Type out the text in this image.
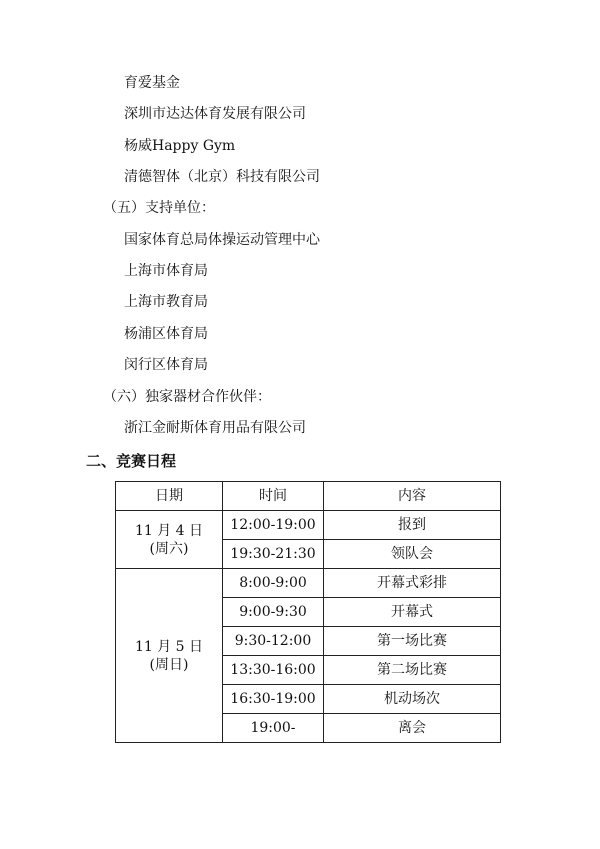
育爱基金
深圳市达达体育发展有限公司
杨威Happy Gym
清德智体（北京）科技有限公司
（五）支持单位：
国家体育总局体操运动管理中心
上海市体育局
上海市教育局
杨浦区体育局
闵行区体育局
（六）独家器材合作伙伴：
浙江金耐斯体育用品有限公司
二、竞赛日程
日期	时间	内容

11 月 4 日
(周六)	12:00-19:00	报到
	19:30-21:30	领队会

11 月 5 日
(周日)	8:00-9:00	开幕式彩排
	9:00-9:30	开幕式
	9:30-12:00	第一场比赛
	13:30-16:00	第二场比赛
	16:30-19:00	机动场次
	19:00-	离会
